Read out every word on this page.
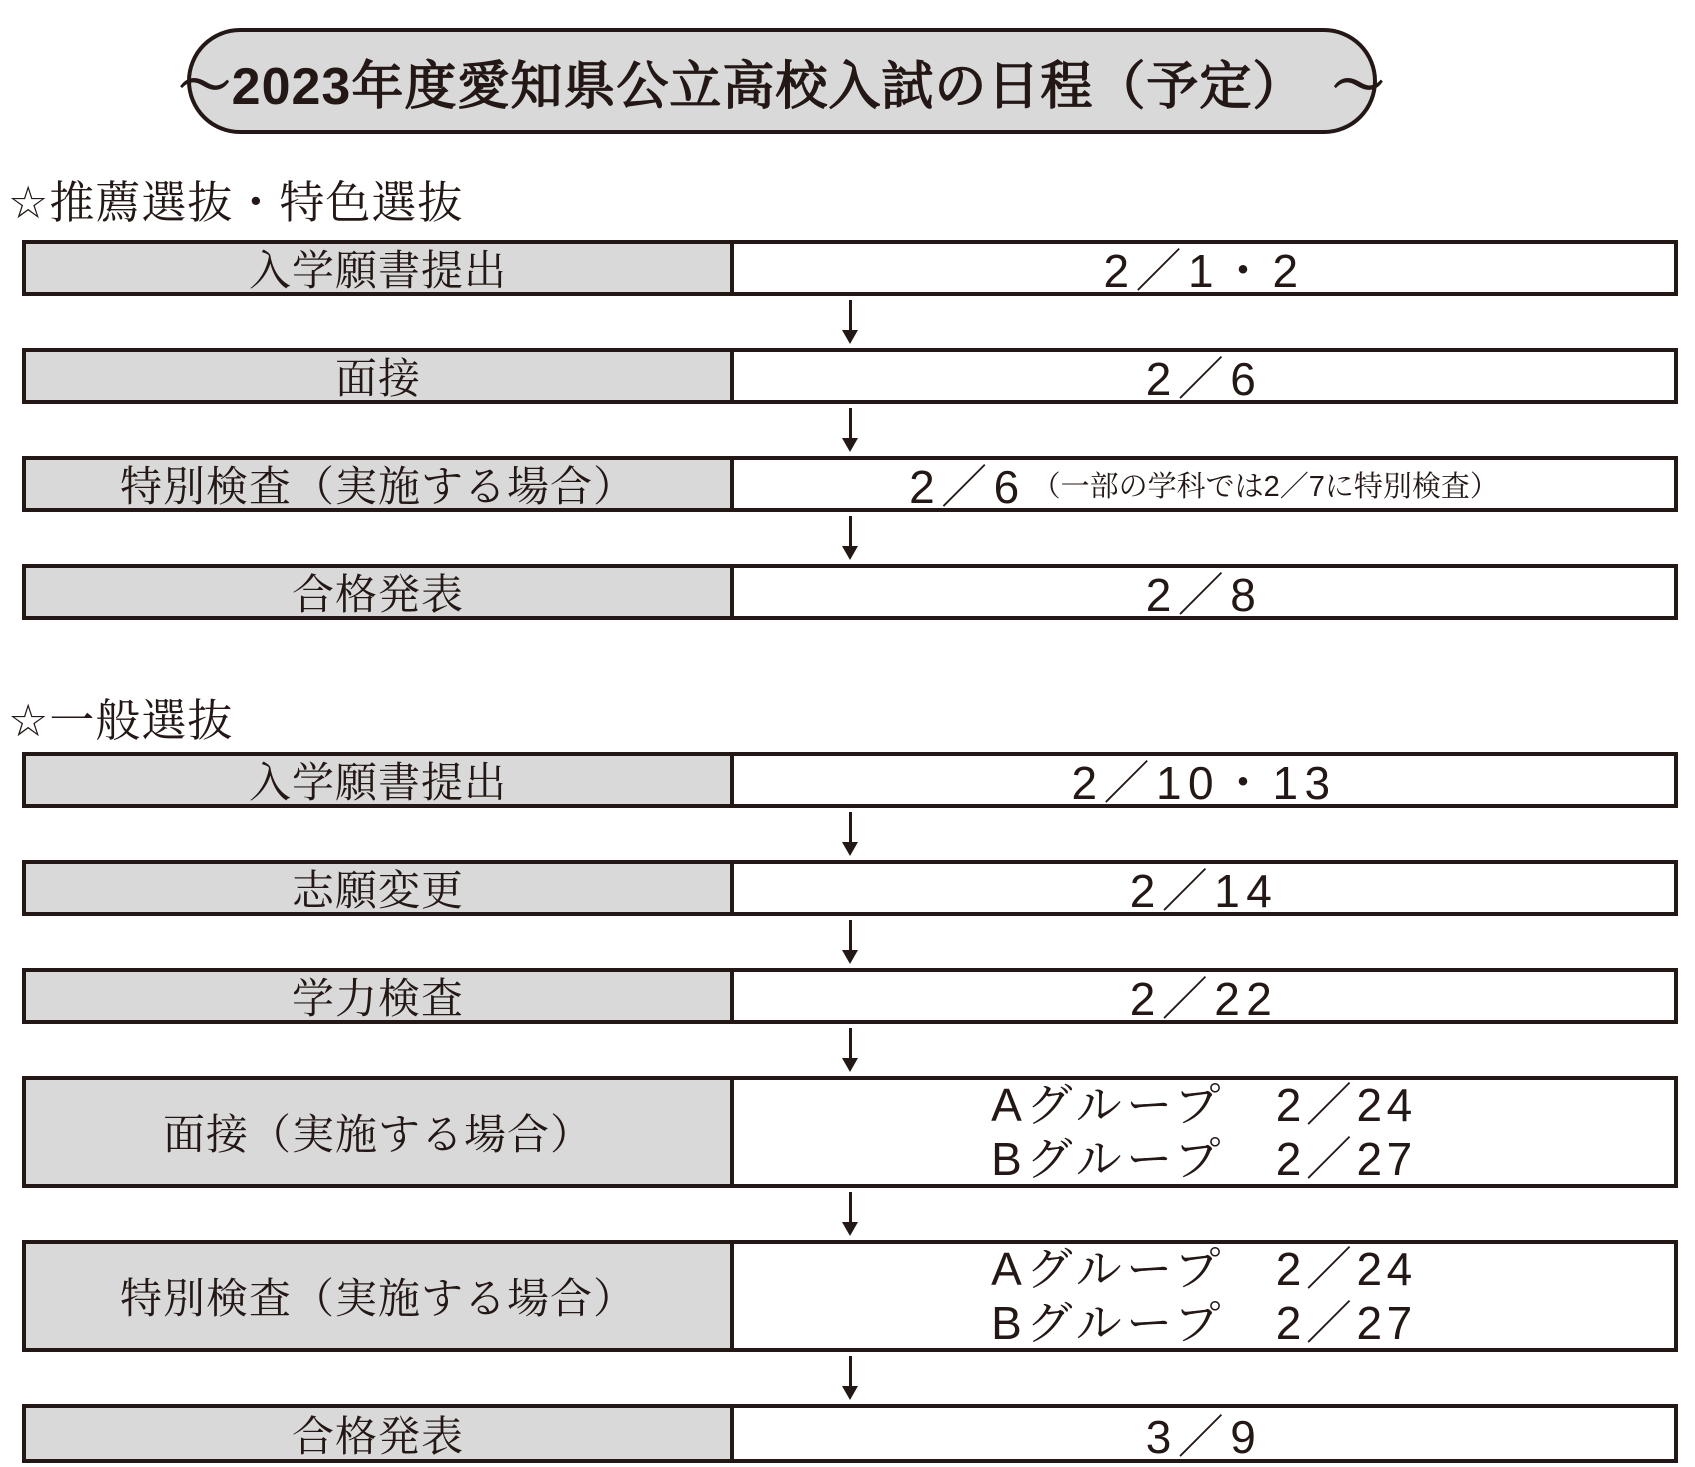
～2023年度愛知県公立高校入試の日程（予定）　～
☆推薦選抜・特色選抜
入学願書提出	2／1・2
面接	2／6
特別検査（実施する場合）	2／6 （一部の学科では2／7に特別検査）
合格発表	2／8
☆一般選抜
入学願書提出	2／10・13
志願変更	2／14
学力検査	2／22
面接（実施する場合）
Aグループ　2／24
Bグループ　2／27
特別検査（実施する場合）
Aグループ　2／24
Bグループ　2／27
合格発表	3／9
